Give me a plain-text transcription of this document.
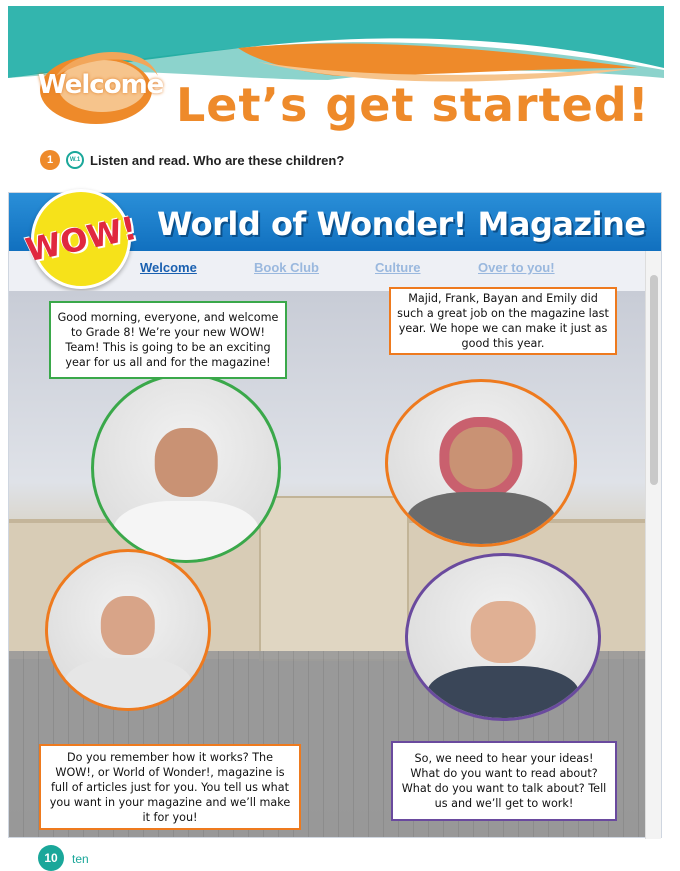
Welcome Let’s get started!
1	W.1 Listen and read. Who are these children?
World of Wonder! Magazine
Welcome	Book Club	Culture	Over to you!
WOW!
Good morning, everyone, and welcome to Grade 8! We’re your new WOW! Team! This is going to be an exciting year for us all and for the magazine!
Majid, Frank, Bayan and Emily did such a great job on the magazine last year. We hope we can make it just as good this year.
Do you remember how it works? The WOW!, or World of Wonder!, magazine is full of articles just for you. You tell us what you want in your magazine and we’ll make it for you!
So, we need to hear your ideas! What do you want to read about? What do you want to talk about? Tell us and we’ll get to work!
10	ten
